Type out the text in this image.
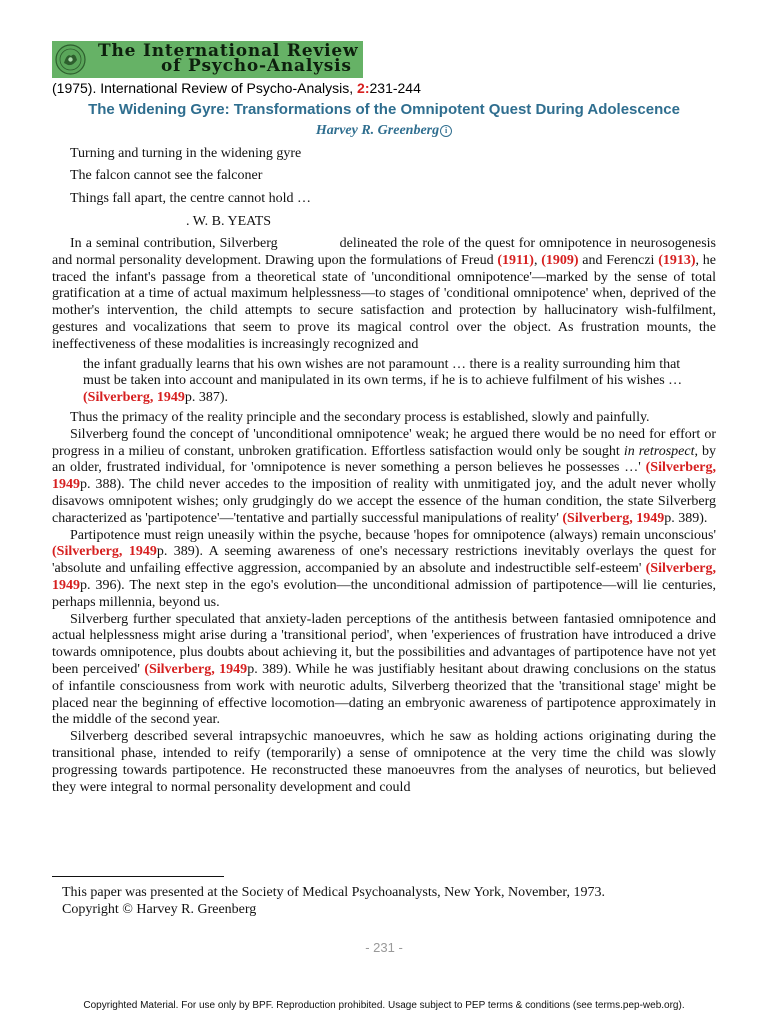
The International Review
of Psycho-Analysis
(1975). International Review of Psycho-Analysis, 2:231-244
The Widening Gyre: Transformations of the Omnipotent Quest During Adolescence
Harvey R. Greenberg i
Turning and turning in the widening gyre
The falcon cannot see the falconer
Things fall apart, the centre cannot hold …
. W. B. YEATS

In a seminal contribution, Silverberg	delineated the role of the quest for omnipotence in neurosogenesis and normal personality development. Drawing upon the formulations of Freud (1911), (1909) and Ferenczi (1913), he traced the infant's passage from a theoretical state of 'unconditional omnipotence'—marked by the sense of total gratification at a time of actual maximum helplessness—to stages of 'conditional omnipotence' when, deprived of the mother's intervention, the child attempts to secure satisfaction and protection by hallucinatory wish-fulfilment, gestures and vocalizations that seem to prove its magical control over the object. As frustration mounts, the ineffectiveness of these modalities is increasingly recognized and

the infant gradually learns that his own wishes are not paramount … there is a reality surrounding him that must be taken into account and manipulated in its own terms, if he is to achieve fulfilment of his wishes … (Silverberg, 1949p. 387).

Thus the primacy of the reality principle and the secondary process is established, slowly and painfully.

Silverberg found the concept of 'unconditional omnipotence' weak; he argued there would be no need for effort or progress in a milieu of constant, unbroken gratification. Effortless satisfaction would only be sought in retrospect, by an older, frustrated individual, for 'omnipotence is never something a person believes he possesses …' (Silverberg, 1949p. 388). The child never accedes to the imposition of reality with unmitigated joy, and the adult never wholly disavows omnipotent wishes; only grudgingly do we accept the essence of the human condition, the state Silverberg characterized as 'partipotence'—'tentative and partially successful manipulations of reality' (Silverberg, 1949p. 389).

Partipotence must reign uneasily within the psyche, because 'hopes for omnipotence (always) remain unconscious' (Silverberg, 1949p. 389). A seeming awareness of one's necessary restrictions inevitably overlays the quest for 'absolute and unfailing effective aggression, accompanied by an absolute and indestructible self-esteem' (Silverberg, 1949p. 396). The next step in the ego's evolution—the unconditional admission of partipotence—will lie centuries, perhaps millennia, beyond us.

Silverberg further speculated that anxiety-laden perceptions of the antithesis between fantasied omnipotence and actual helplessness might arise during a 'transitional period', when 'experiences of frustration have introduced a drive towards omnipotence, plus doubts about achieving it, but the possibilities and advantages of partipotence have not yet been perceived' (Silverberg, 1949p. 389). While he was justifiably hesitant about drawing conclusions on the status of infantile consciousness from work with neurotic adults, Silverberg theorized that the 'transitional stage' might be placed near the beginning of effective locomotion—dating an embryonic awareness of partipotence approximately in the middle of the second year.

Silverberg described several intrapsychic manoeuvres, which he saw as holding actions originating during the transitional phase, intended to reify (temporarily) a sense of omnipotence at the very time the child was slowly progressing towards partipotence. He reconstructed these manoeuvres from the analyses of neurotics, but believed they were integral to normal personality development and could

This paper was presented at the Society of Medical Psychoanalysts, New York, November, 1973.
Copyright © Harvey R. Greenberg
- 231 -
Copyrighted Material. For use only by BPF. Reproduction prohibited. Usage subject to PEP terms & conditions (see terms.pep-web.org).
